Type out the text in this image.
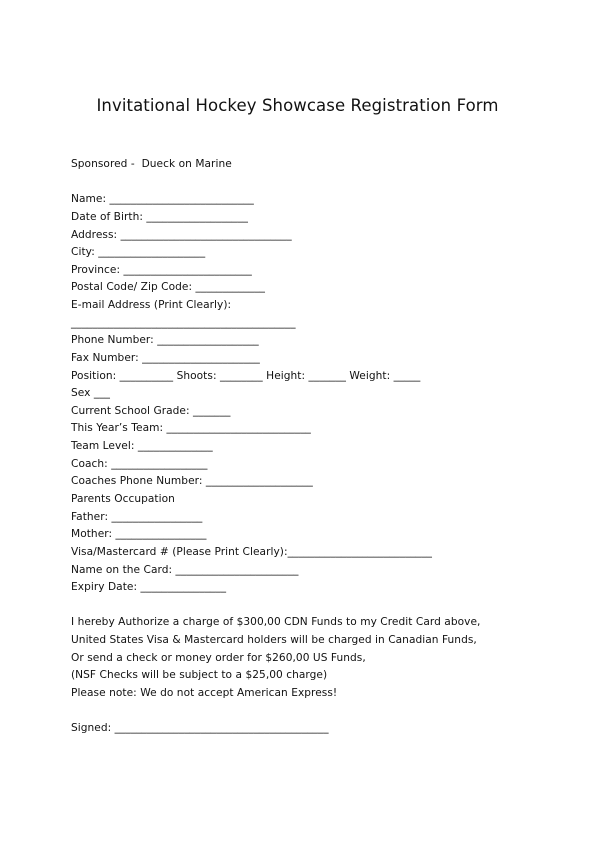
Invitational Hockey Showcase Registration Form
Sponsored -  Dueck on Marine
Name: ___________________________
Date of Birth: ___________________
Address: ________________________________
City: ____________________
Province: ________________________
Postal Code/ Zip Code: _____________
E-mail Address (Print Clearly):
__________________________________________
Phone Number: ___________________
Fax Number: ______________________
Position: __________ Shoots: ________ Height: _______ Weight: _____
Sex ___
Current School Grade: _______
This Year’s Team: ___________________________
Team Level: ______________
Coach: __________________
Coaches Phone Number: ____________________
Parents Occupation
Father: _________________
Mother: _________________
Visa/Mastercard # (Please Print Clearly):___________________________
Name on the Card: _______________________
Expiry Date: ________________
I hereby Authorize a charge of $300,00 CDN Funds to my Credit Card above,
United States Visa & Mastercard holders will be charged in Canadian Funds,
Or send a check or money order for $260,00 US Funds,
(NSF Checks will be subject to a $25,00 charge)
Please note: We do not accept American Express!
Signed: ________________________________________
